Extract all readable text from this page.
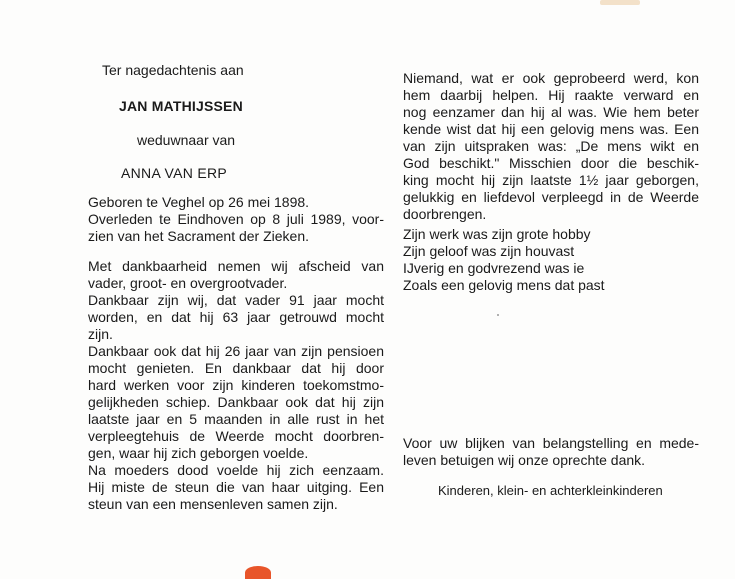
Ter nagedachtenis aan
JAN MATHIJSSEN
weduwnaar van
ANNA VAN ERP
Geboren te Veghel op 26 mei 1898.
Overleden te Eindhoven op 8 juli 1989, voor-
zien van het Sacrament der Zieken.
Met dankbaarheid nemen wij afscheid van
vader, groot- en overgrootvader.
Dankbaar zijn wij, dat vader 91 jaar mocht
worden, en dat hij 63 jaar getrouwd mocht
zijn.
Dankbaar ook dat hij 26 jaar van zijn pensioen
mocht genieten. En dankbaar dat hij door
hard werken voor zijn kinderen toekomstmo-
gelijkheden schiep. Dankbaar ook dat hij zijn
laatste jaar en 5 maanden in alle rust in het
verpleegtehuis de Weerde mocht doorbren-
gen, waar hij zich geborgen voelde.
Na moeders dood voelde hij zich eenzaam.
Hij miste de steun die van haar uitging. Een
steun van een mensenleven samen zijn.
Niemand, wat er ook geprobeerd werd, kon
hem daarbij helpen. Hij raakte verward en
nog eenzamer dan hij al was. Wie hem beter
kende wist dat hij een gelovig mens was. Een
van zijn uitspraken was: „De mens wikt en
God beschikt." Misschien door die beschik-
king mocht hij zijn laatste 1½ jaar geborgen,
gelukkig en liefdevol verpleegd in de Weerde
doorbrengen.
Zijn werk was zijn grote hobby
Zijn geloof was zijn houvast
IJverig en godvrezend was ie
Zoals een gelovig mens dat past
Voor uw blijken van belangstelling en mede-
leven betuigen wij onze oprechte dank.
Kinderen, klein- en achterkleinkinderen
